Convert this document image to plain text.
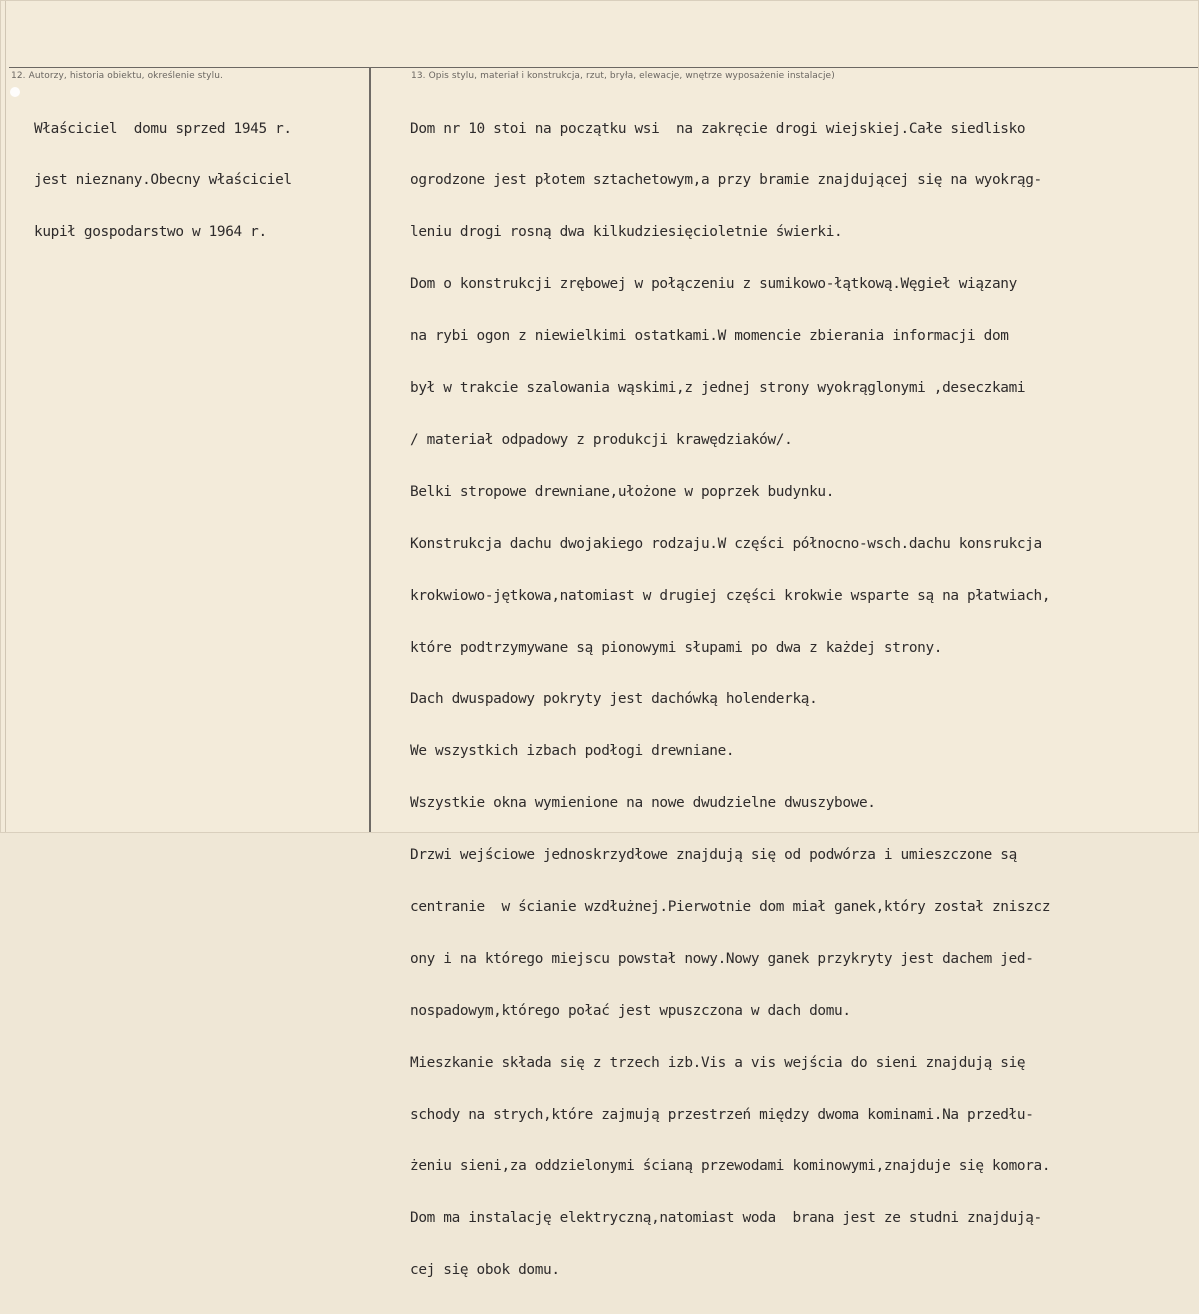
12. Autorzy, historia obiektu, określenie stylu.	13. Opis stylu, materiał i konstrukcja, rzut, bryła, elewacje, wnętrze wyposażenie instalacje)

Właściciel  domu sprzed 1945 r.

jest nieznany.Obecny właściciel

kupił gospodarstwo w 1964 r.

Dom nr 10 stoi na początku wsi  na zakręcie drogi wiejskiej.Całe siedlisko

ogrodzone jest płotem sztachetowym,a przy bramie znajdującej się na wyokrąg-

leniu drogi rosną dwa kilkudziesięcioletnie świerki.

Dom o konstrukcji zrębowej w połączeniu z sumikowo-łątkową.Węgieł wiązany

na rybi ogon z niewielkimi ostatkami.W momencie zbierania informacji dom

był w trakcie szalowania wąskimi,z jednej strony wyokrąglonymi ,deseczkami

/ materiał odpadowy z produkcji krawędziaków/.

Belki stropowe drewniane,ułożone w poprzek budynku.

Konstrukcja dachu dwojakiego rodzaju.W części północno-wsch.dachu konsrukcja

krokwiowo-jętkowa,natomiast w drugiej części krokwie wsparte są na płatwiach,

które podtrzymywane są pionowymi słupami po dwa z każdej strony.

Dach dwuspadowy pokryty jest dachówką holenderką.

We wszystkich izbach podłogi drewniane.

Wszystkie okna wymienione na nowe dwudzielne dwuszybowe.

Drzwi wejściowe jednoskrzydłowe znajdują się od podwórza i umieszczone są

centranie  w ścianie wzdłużnej.Pierwotnie dom miał ganek,który został zniszcz

ony i na którego miejscu powstał nowy.Nowy ganek przykryty jest dachem jed-

nospadowym,którego połać jest wpuszczona w dach domu.

Mieszkanie składa się z trzech izb.Vis a vis wejścia do sieni znajdują się

schody na strych,które zajmują przestrzeń między dwoma kominami.Na przedłu-

żeniu sieni,za oddzielonymi ścianą przewodami kominowymi,znajduje się komora.

Dom ma instalację elektryczną,natomiast woda  brana jest ze studni znajdują-

cej się obok domu.
